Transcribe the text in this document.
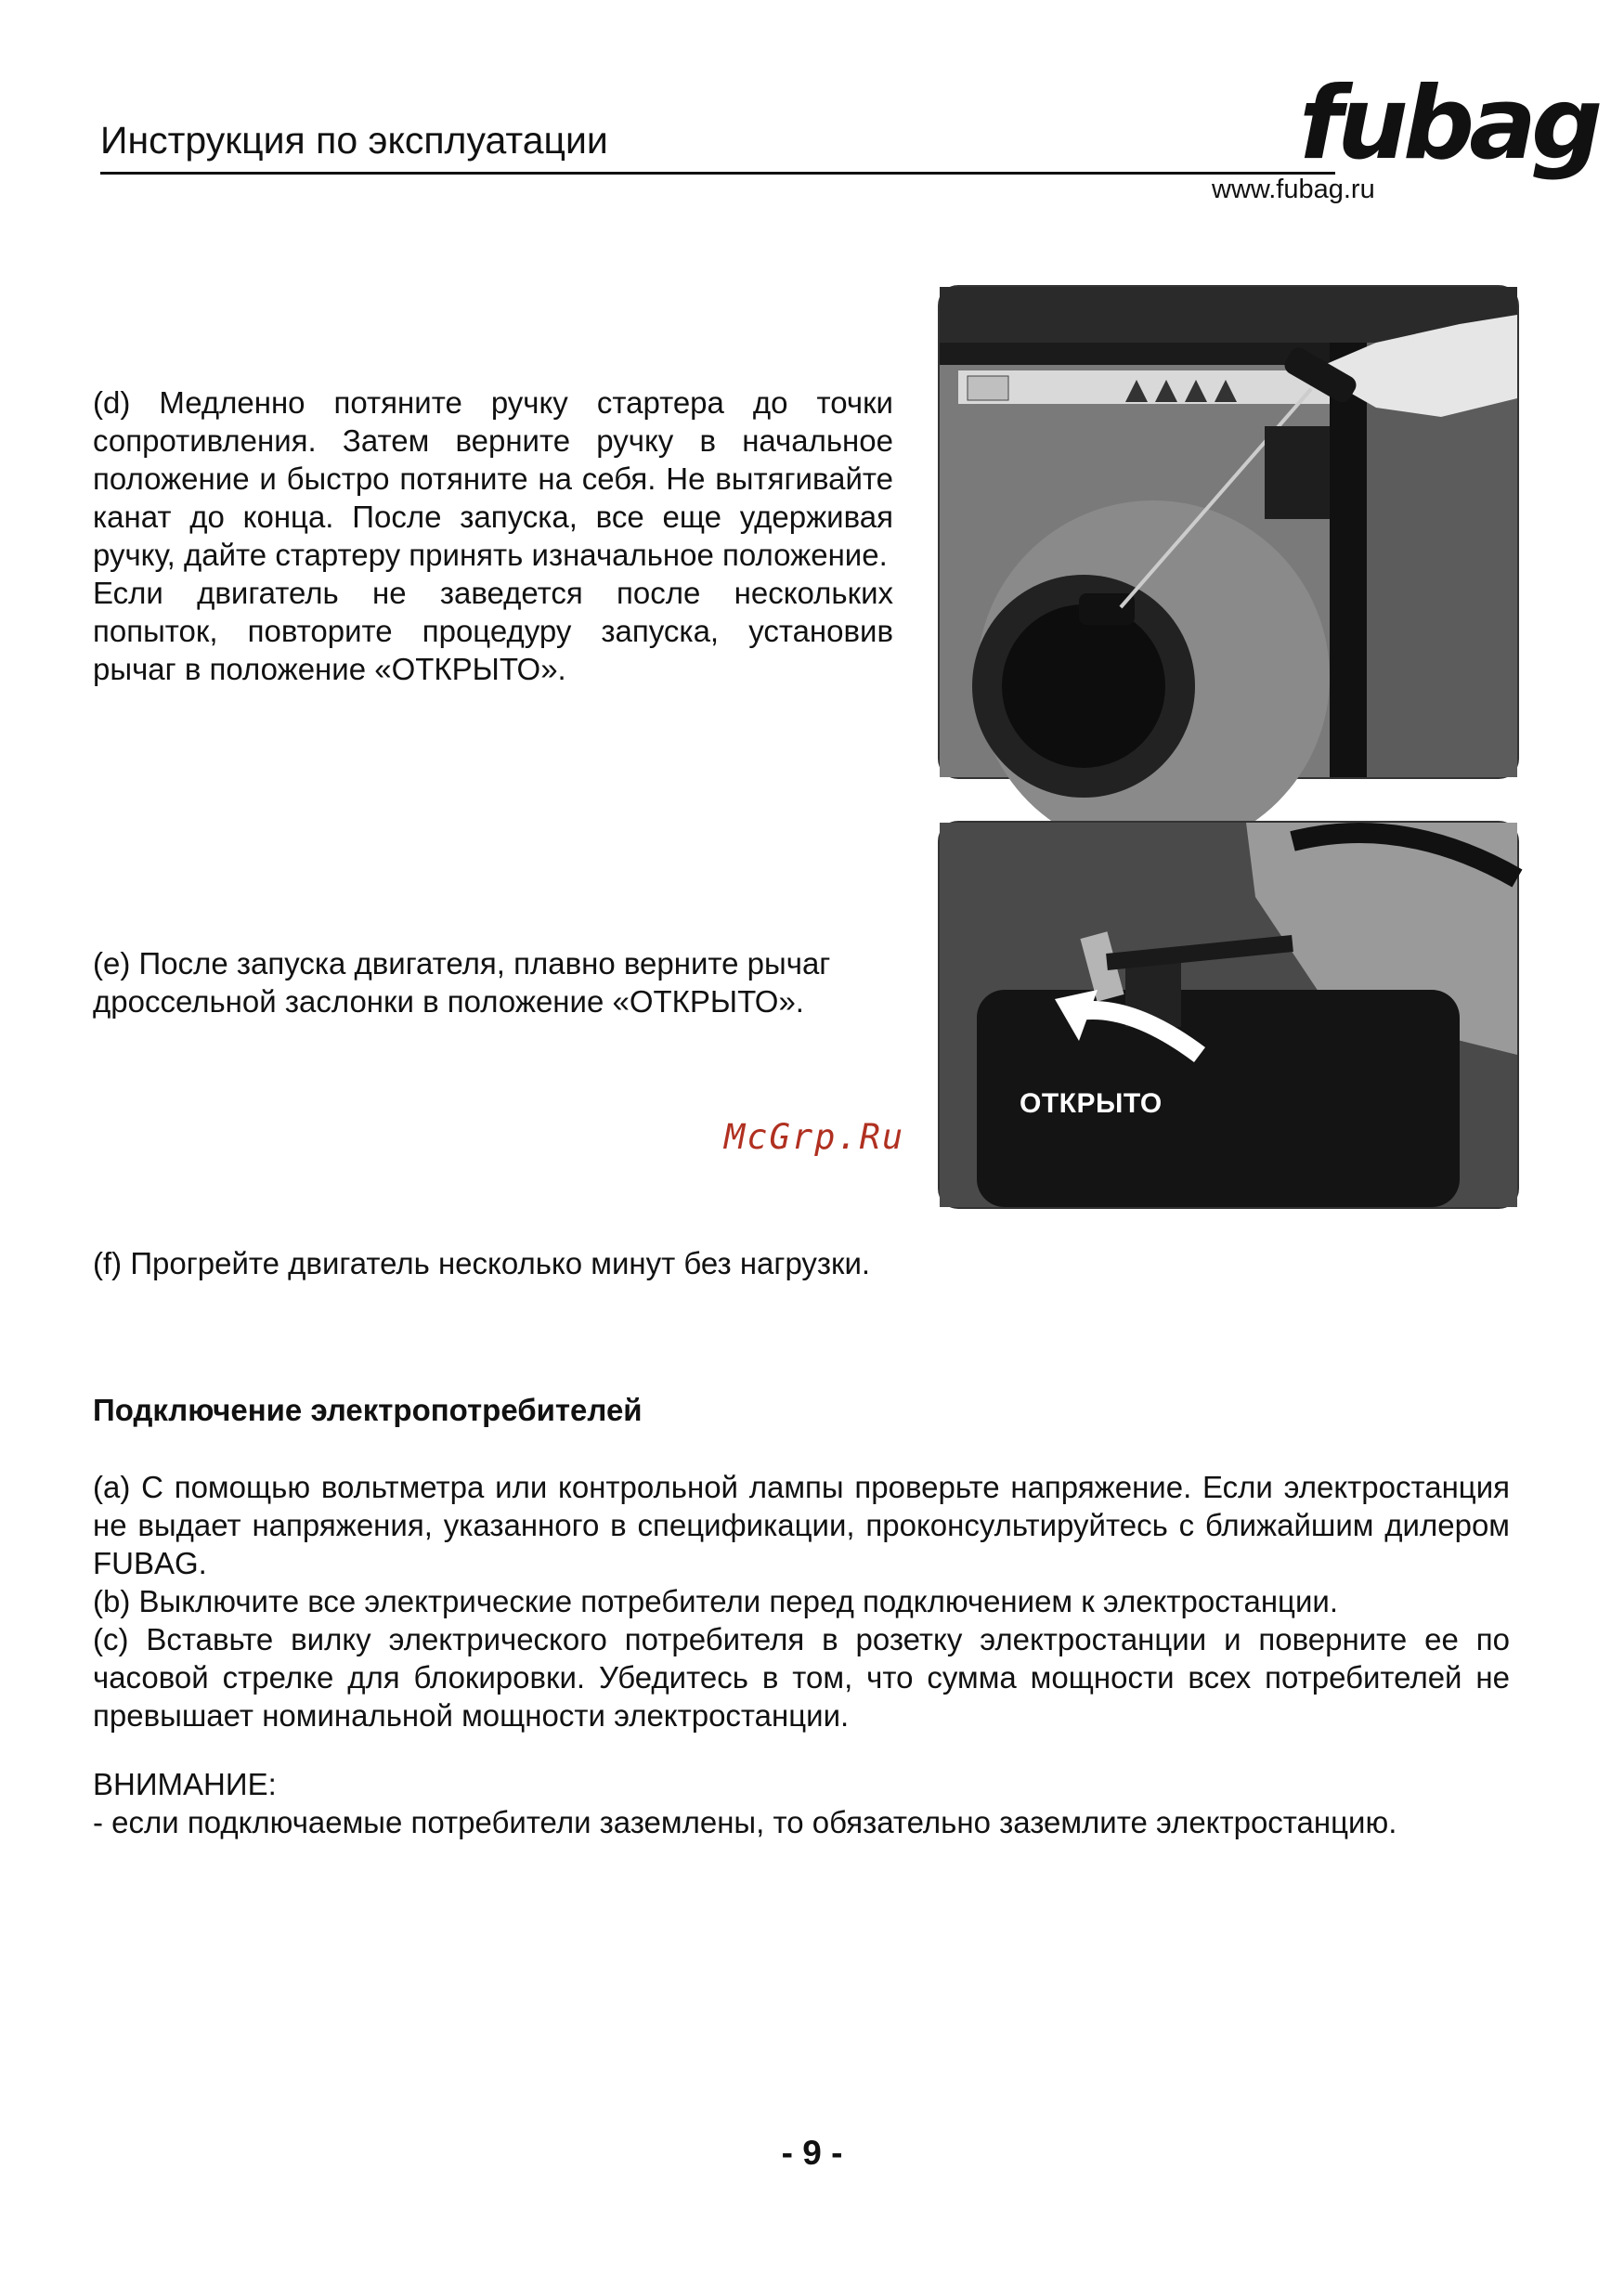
Инструкция по эксплуатации	fubag
www.fubag.ru

(d) Медленно потяните ручку стартера до точки сопротивления. Затем верните ручку в начальное положение и быстро потяните на себя. Не вытягивайте канат до конца. После запуска, все еще удерживая ручку, дайте стартеру принять изначальное положение.

Если двигатель не заведется после нескольких попыток, повторите процедуру запуска, установив рычаг в положение «ОТКРЫТО».

(e) После запуска двигателя, плавно верните рычаг дроссельной заслонки в положение «ОТКРЫТО».
ОТКРЫТО
McGrp.Ru
(f) Прогрейте двигатель несколько минут без нагрузки.
Подключение электропотребителей

(a) С помощью вольтметра или контрольной лампы проверьте напряжение. Если электростанция не выдает напряжения, указанного в спецификации, проконсультируйтесь с ближайшим дилером FUBAG.

(b) Выключите все электрические потребители перед подключением к электростанции.

(c) Вставьте вилку электрического потребителя в розетку электростанции и поверните ее по часовой стрелке для блокировки. Убедитесь в том, что сумма мощности всех потребителей не превышает номинальной мощности электростанции.

ВНИМАНИЕ:
- если подключаемые потребители заземлены, то обязательно заземлите электростанцию.
- 9 -
